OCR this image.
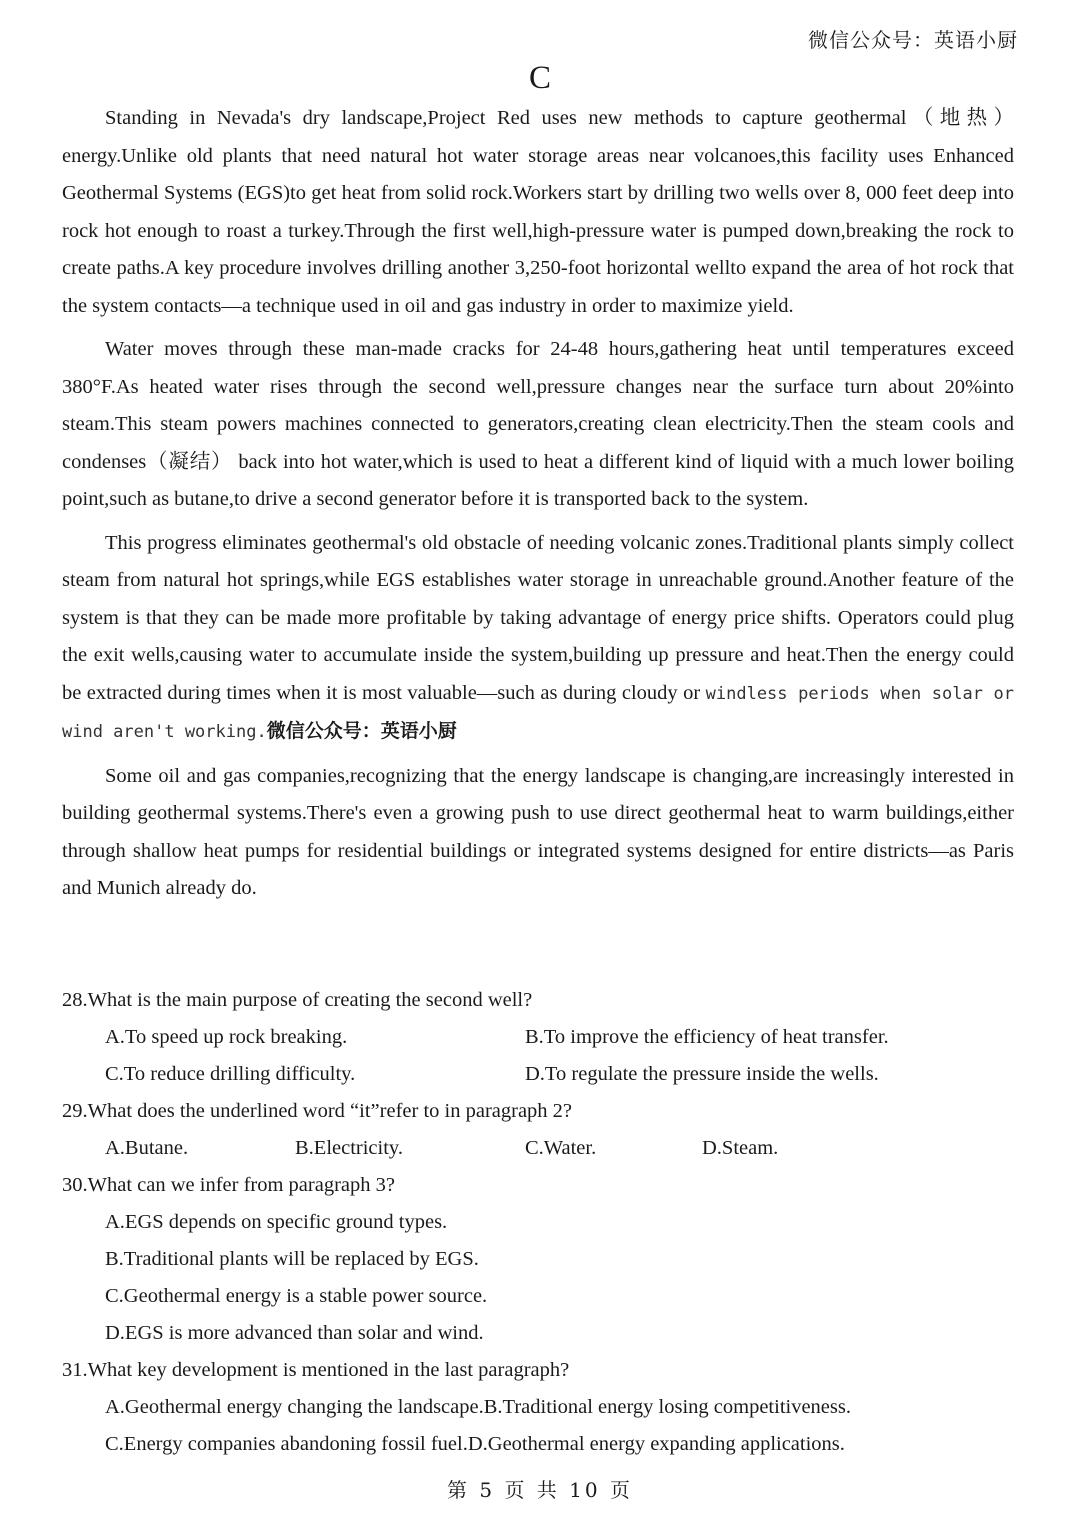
微信公众号：英语小厨
C

Standing in Nevada's dry landscape,Project Red uses new methods to capture geothermal（地热） energy.Unlike old plants that need natural hot water storage areas near volcanoes,this facility uses Enhanced Geothermal Systems (EGS)to get heat from solid rock.Workers start by drilling two wells over 8, 000 feet deep into rock hot enough to roast a turkey.Through the first well,high-pressure water is pumped down,breaking the rock to create paths.A key procedure involves drilling another 3,250-foot horizontal wellto expand the area of hot rock that the system contacts—a technique used in oil and gas industry in order to maximize yield.

Water moves through these man-made cracks for 24-48 hours,gathering heat until temperatures exceed 380°F.As heated water rises through the second well,pressure changes near the surface turn about 20%into steam.This steam powers machines connected to generators,creating clean electricity.Then the steam cools and condenses（凝结） back into hot water,which is used to heat a different kind of liquid with a much lower boiling point,such as butane,to drive a second generator before it is transported back to the system.

This progress eliminates geothermal's old obstacle of needing volcanic zones.Traditional plants simply collect steam from natural hot springs,while EGS establishes water storage in unreachable ground.Another feature of the system is that they can be made more profitable by taking advantage of energy price shifts. Operators could plug the exit wells,causing water to accumulate inside the system,building up pressure and heat.Then the energy could be extracted during times when it is most valuable—such as during cloudy or windless periods when solar or wind aren't working.微信公众号：英语小厨

Some oil and gas companies,recognizing that the energy landscape is changing,are increasingly interested in building geothermal systems.There's even a growing push to use direct geothermal heat to warm buildings,either through shallow heat pumps for residential buildings or integrated systems designed for entire districts—as Paris and Munich already do.

28.What is the main purpose of creating the second well?
A.To speed up rock breaking.	B.To improve the efficiency of heat transfer.
C.To reduce drilling difficulty.	D.To regulate the pressure inside the wells.
29.What does the underlined word “it”refer to in paragraph 2?
A.Butane.	B.Electricity.	C.Water.	D.Steam.
30.What can we infer from paragraph 3?
A.EGS depends on specific ground types.
B.Traditional plants will be replaced by EGS.
C.Geothermal energy is a stable power source.
D.EGS is more advanced than solar and wind.
31.What key development is mentioned in the last paragraph?
A.Geothermal energy changing the landscape.B.Traditional energy losing competitiveness.
C.Energy companies abandoning fossil fuel.D.Geothermal energy expanding applications.
第 5 页 共 10 页
